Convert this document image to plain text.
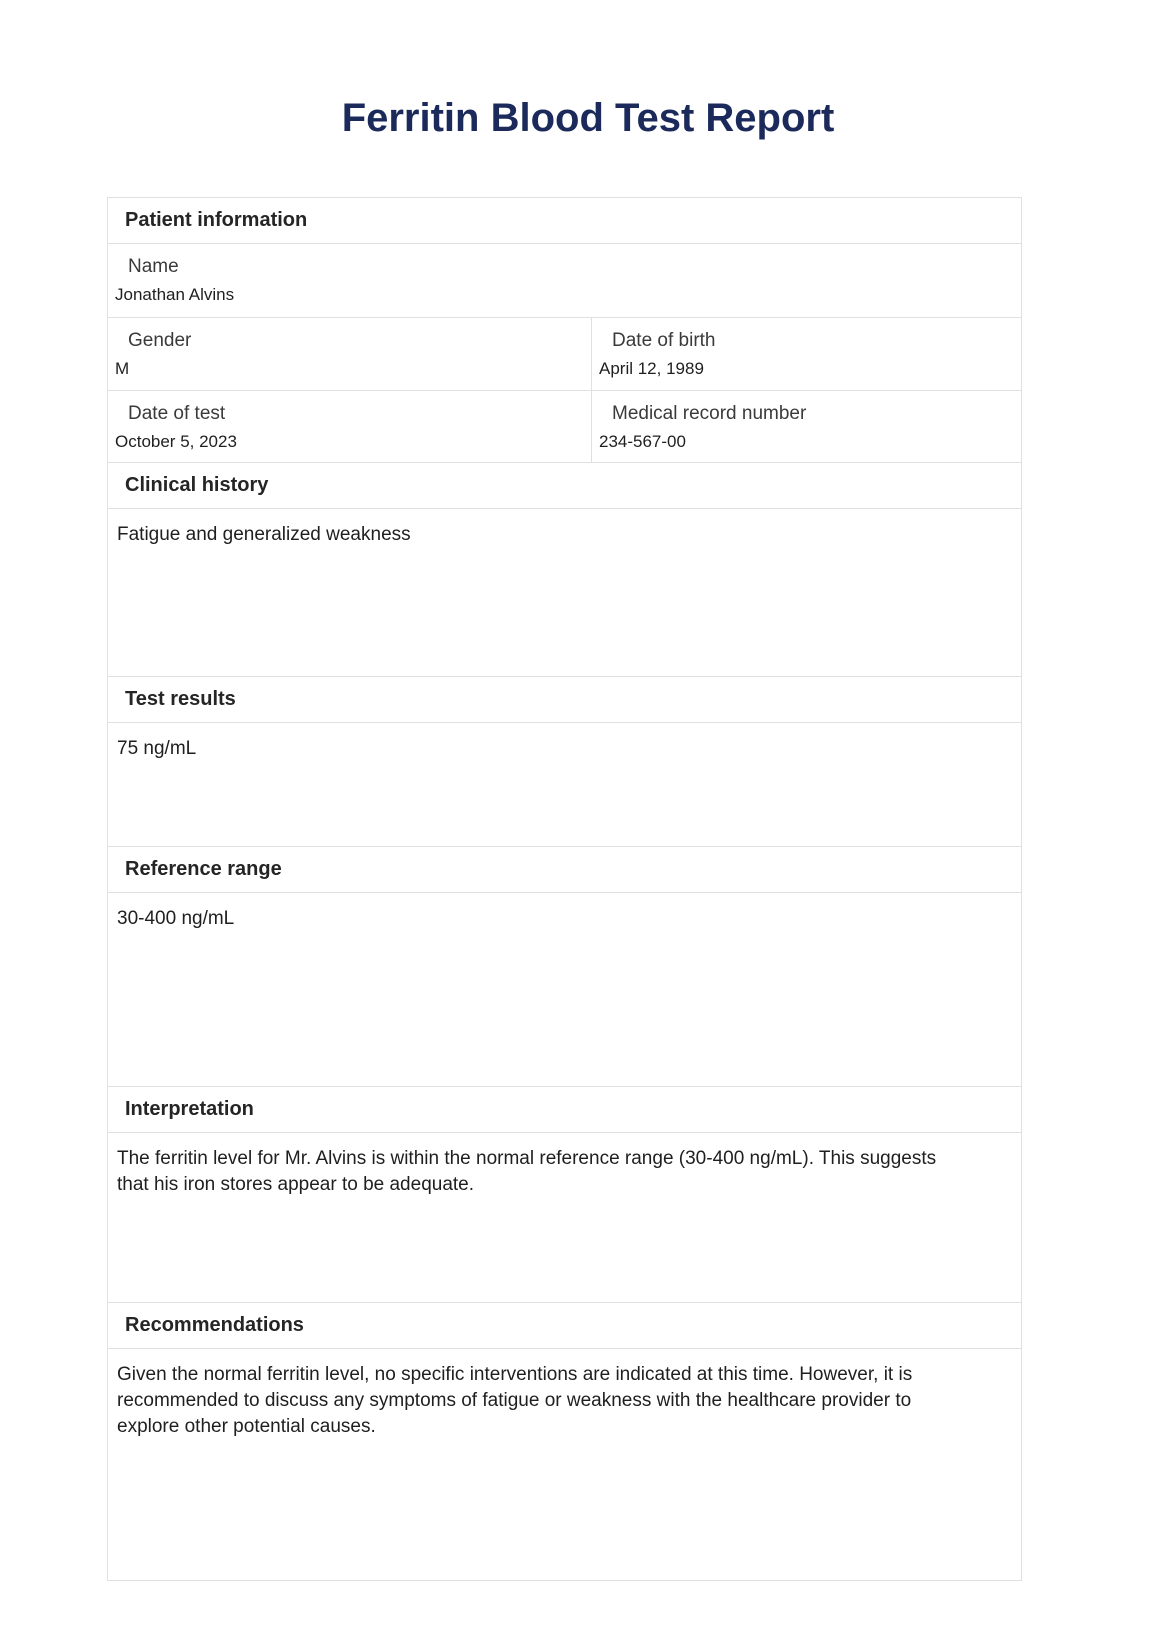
Ferritin Blood Test Report
Patient information
Name
Jonathan Alvins
Gender
M
Date of birth
April 12, 1989
Date of test
October 5, 2023
Medical record number
234-567-00
Clinical history
Fatigue and generalized weakness
Test results
75 ng/mL
Reference range
30-400 ng/mL
Interpretation
The ferritin level for Mr. Alvins is within the normal reference range (30-400 ng/mL). This suggests that his iron stores appear to be adequate.
Recommendations
Given the normal ferritin level, no specific interventions are indicated at this time. However, it is recommended to discuss any symptoms of fatigue or weakness with the healthcare provider to explore other potential causes.
